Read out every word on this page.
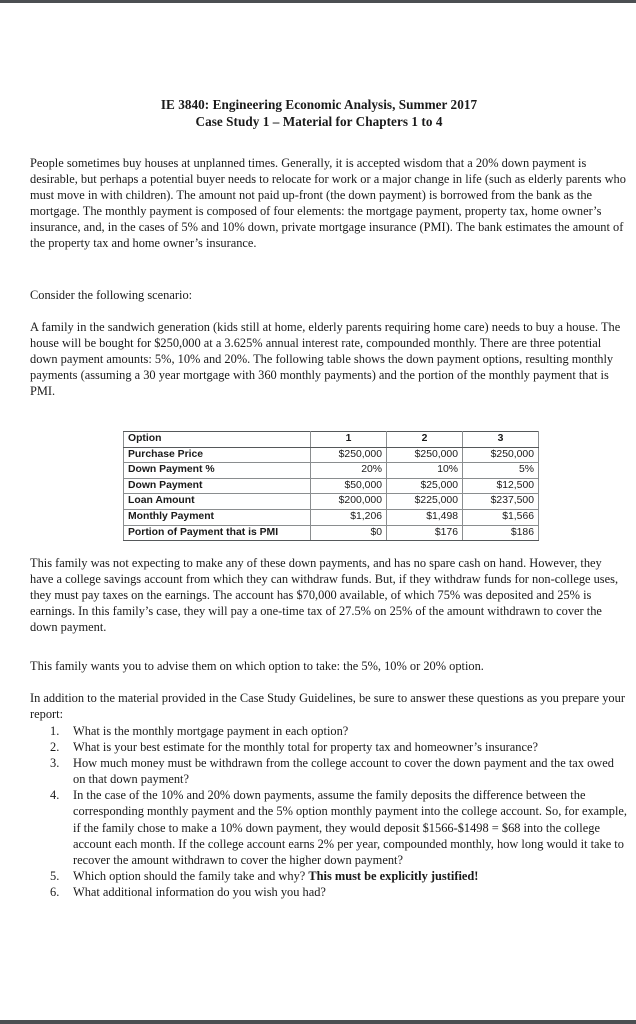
IE 3840: Engineering Economic Analysis, Summer 2017
Case Study 1 – Material for Chapters 1 to 4

People sometimes buy houses at unplanned times. Generally, it is accepted wisdom that a 20% down payment is desirable, but perhaps a potential buyer needs to relocate for work or a major change in life (such as elderly parents who must move in with children). The amount not paid up-front (the down payment) is borrowed from the bank as the mortgage. The monthly payment is composed of four elements: the mortgage payment, property tax, home owner’s insurance, and, in the cases of 5% and 10% down, private mortgage insurance (PMI). The bank estimates the amount of the property tax and home owner’s insurance.

Consider the following scenario:

A family in the sandwich generation (kids still at home, elderly parents requiring home care) needs to buy a house. The house will be bought for $250,000 at a 3.625% annual interest rate, compounded monthly. There are three potential down payment amounts: 5%, 10% and 20%. The following table shows the down payment options, resulting monthly payments (assuming a 30 year mortgage with 360 monthly payments) and the portion of the monthly payment that is PMI.

Option	1	2	3
Purchase Price	$250,000	$250,000	$250,000
Down Payment %	20%	10%	5%
Down Payment	$50,000	$25,000	$12,500
Loan Amount	$200,000	$225,000	$237,500
Monthly Payment	$1,206	$1,498	$1,566
Portion of Payment that is PMI	$0	$176	$186

This family was not expecting to make any of these down payments, and has no spare cash on hand. However, they have a college savings account from which they can withdraw funds. But, if they withdraw funds for non-college uses, they must pay taxes on the earnings. The account has $70,000 available, of which 75% was deposited and 25% is earnings. In this family’s case, they will pay a one-time tax of 27.5% on 25% of the amount withdrawn to cover the down payment.

This family wants you to advise them on which option to take: the 5%, 10% or 20% option.

In addition to the material provided in the Case Study Guidelines, be sure to answer these questions as you prepare your report:

1.	What is the monthly mortgage payment in each option?
2.	What is your best estimate for the monthly total for property tax and homeowner’s insurance?
3.	How much money must be withdrawn from the college account to cover the down payment and the tax owed on that down payment?
4.	In the case of the 10% and 20% down payments, assume the family deposits the difference between the corresponding monthly payment and the 5% option monthly payment into the college account. So, for example, if the family chose to make a 10% down payment, they would deposit $1566-$1498 = $68 into the college account each month. If the college account earns 2% per year, compounded monthly, how long would it take to recover the amount withdrawn to cover the higher down payment?
5.	Which option should the family take and why? This must be explicitly justified!
6.	What additional information do you wish you had?
